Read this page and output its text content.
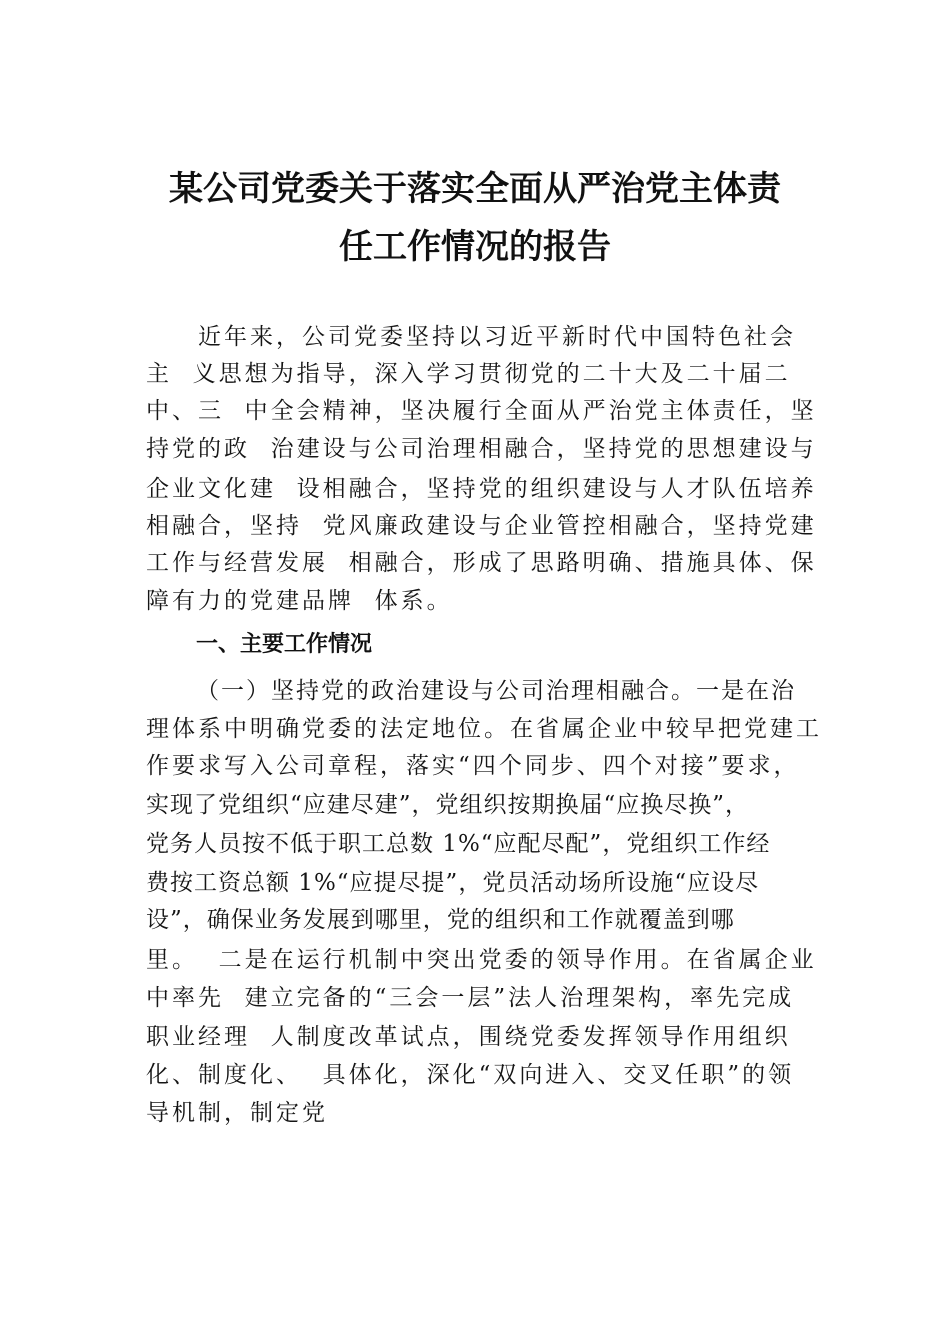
某公司党委关于落实全面从严治党主体责
任工作情况的报告
近年来，公司党委坚持以习近平新时代中国特色社会
主  义思想为指导，深入学习贯彻党的二十大及二十届二
中、三  中全会精神，坚决履行全面从严治党主体责任，坚
持党的政  治建设与公司治理相融合，坚持党的思想建设与
企业文化建  设相融合，坚持党的组织建设与人才队伍培养
相融合，坚持  党风廉政建设与企业管控相融合，坚持党建
工作与经营发展  相融合，形成了思路明确、措施具体、保
障有力的党建品牌  体系。
一、主要工作情况
（一）坚持党的政治建设与公司治理相融合。一是在治
理体系中明确党委的法定地位。在省属企业中较早把党建工
作要求写入公司章程，落实“四个同步、四个对接”要求，
实现了党组织“应建尽建”，党组织按期换届“应换尽换”，
党务人员按不低于职工总数 1%“应配尽配”，党组织工作经
费按工资总额 1%“应提尽提”，党员活动场所设施“应设尽
设”，确保业务发展到哪里，党的组织和工作就覆盖到哪
里。  二是在运行机制中突出党委的领导作用。在省属企业
中率先  建立完备的“三会一层”法人治理架构，率先完成
职业经理  人制度改革试点，围绕党委发挥领导作用组织
化、制度化、  具体化，深化“双向进入、交叉任职”的领
导机制，制定党
